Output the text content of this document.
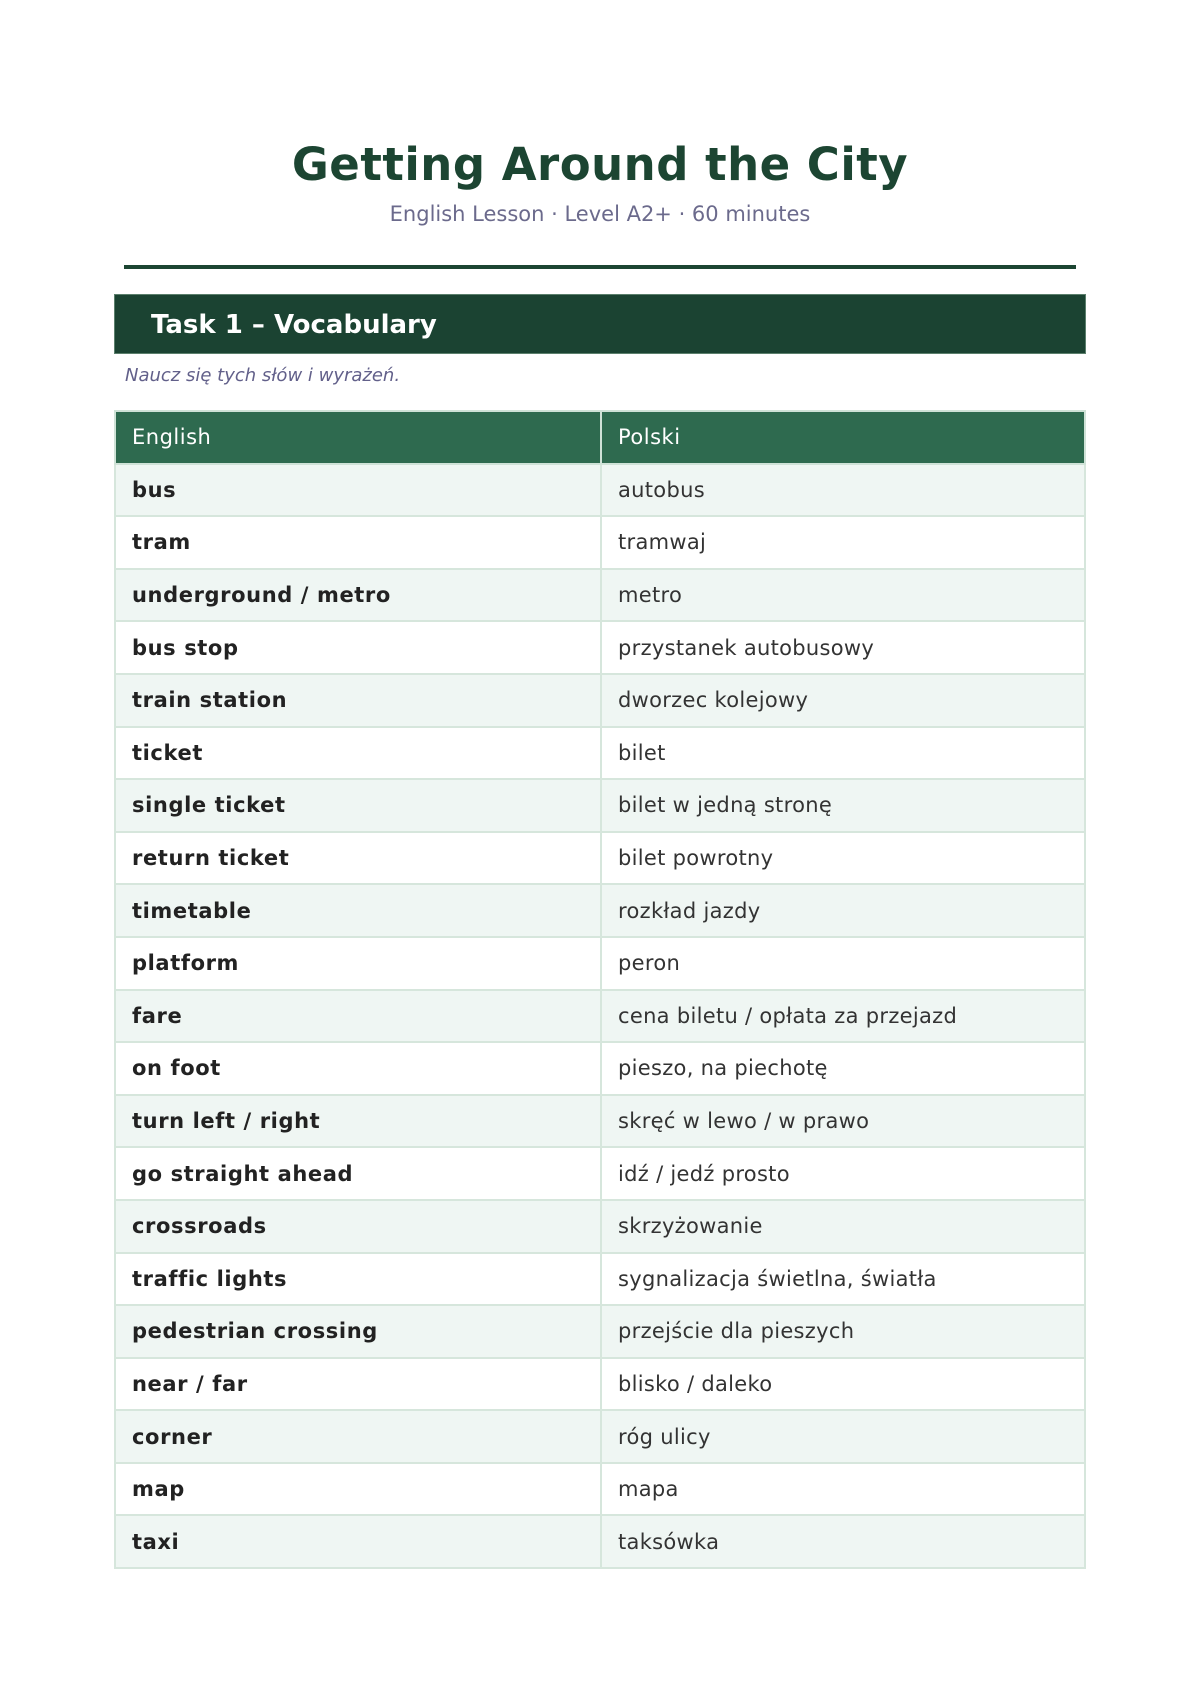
Getting Around the City

English Lesson · Level A2+ · 60 minutes

Task 1 – Vocabulary
Naucz się tych słów i wyrażeń.
English	Polski
bus	autobus
tram	tramwaj
underground / metro	metro
bus stop	przystanek autobusowy
train station	dworzec kolejowy
ticket	bilet
single ticket	bilet w jedną stronę
return ticket	bilet powrotny
timetable	rozkład jazdy
platform	peron
fare	cena biletu / opłata za przejazd
on foot	pieszo, na piechotę
turn left / right	skręć w lewo / w prawo
go straight ahead	idź / jedź prosto
crossroads	skrzyżowanie
traffic lights	sygnalizacja świetlna, światła
pedestrian crossing	przejście dla pieszych
near / far	blisko / daleko
corner	róg ulicy
map	mapa
taxi	taksówka
